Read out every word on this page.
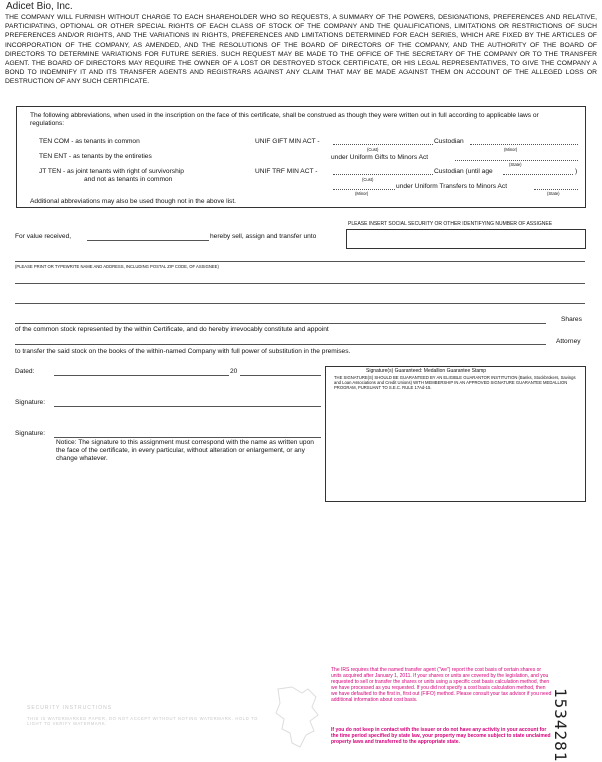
Adicet Bio, Inc.
THE COMPANY WILL FURNISH WITHOUT CHARGE TO EACH SHAREHOLDER WHO SO REQUESTS, A SUMMARY OF THE POWERS, DESIGNATIONS, PREFERENCES AND RELATIVE, PARTICIPATING, OPTIONAL OR OTHER SPECIAL RIGHTS OF EACH CLASS OF STOCK OF THE COMPANY AND THE QUALIFICATIONS, LIMITATIONS OR RESTRICTIONS OF SUCH PREFERENCES AND/OR RIGHTS, AND THE VARIATIONS IN RIGHTS, PREFERENCES AND LIMITATIONS DETERMINED FOR EACH SERIES, WHICH ARE FIXED BY THE ARTICLES OF INCORPORATION OF THE COMPANY, AS AMENDED, AND THE RESOLUTIONS OF THE BOARD OF DIRECTORS OF THE COMPANY, AND THE AUTHORITY OF THE BOARD OF DIRECTORS TO DETERMINE VARIATIONS FOR FUTURE SERIES. SUCH REQUEST MAY BE MADE TO THE OFFICE OF THE SECRETARY OF THE COMPANY OR TO THE TRANSFER AGENT. THE BOARD OF DIRECTORS MAY REQUIRE THE OWNER OF A LOST OR DESTROYED STOCK CERTIFICATE, OR HIS LEGAL REPRESENTATIVES, TO GIVE THE COMPANY A BOND TO INDEMNIFY IT AND ITS TRANSFER AGENTS AND REGISTRARS AGAINST ANY CLAIM THAT MAY BE MADE AGAINST THEM ON ACCOUNT OF THE ALLEGED LOSS OR DESTRUCTION OF ANY SUCH CERTIFICATE.
The following abbreviations, when used in the inscription on the face of this certificate, shall be construed as though they were written out in full according to applicable laws or regulations:
TEN COM - as tenants in common
TEN ENT - as tenants by the entireties
JT TEN - as joint tenants with right of survivorship
and not as tenants in common
UNIF GIFT MIN ACT -	Custodian
(Cust)	(Minor)
under Uniform Gifts to Minors Act
(State)
UNIF TRF MIN ACT -	Custodian (until age	)
(Cust)
under Uniform Transfers to Minors Act
(Minor)	(State)
Additional abbreviations may also be used though not in the above list.
PLEASE INSERT SOCIAL SECURITY OR OTHER IDENTIFYING NUMBER OF ASSIGNEE
For value received,	hereby sell, assign and transfer unto
(PLEASE PRINT OR TYPEWRITE NAME AND ADDRESS, INCLUDING POSTAL ZIP CODE, OF ASSIGNEE)
Shares
of the common stock represented by the within Certificate, and do hereby irrevocably constitute and appoint
Attorney
to transfer the said stock on the books of the within-named Company with full power of substitution in the premises.
Dated:	20
Signature:
Signature:
Notice: The signature to this assignment must correspond with the name as written upon the face of the certificate, in every particular, without alteration or enlargement, or any change whatever.
Signature(s) Guaranteed: Medallion Guarantee Stamp
THE SIGNATURE(S) SHOULD BE GUARANTEED BY AN ELIGIBLE GUARANTOR INSTITUTION (Banks, Stockbrokers, Savings and Loan Associations and Credit Unions) WITH MEMBERSHIP IN AN APPROVED SIGNATURE GUARANTEE MEDALLION PROGRAM, PURSUANT TO S.E.C. RULE 17Ad-15.
SECURITY INSTRUCTIONS
THIS IS WATERMARKED PAPER, DO NOT ACCEPT WITHOUT NOTING WATERMARK. HOLD TO LIGHT TO VERIFY WATERMARK.
The IRS requires that the named transfer agent ("we") report the cost basis of certain shares or units acquired after January 1, 2011. If your shares or units are covered by the legislation, and you requested to sell or transfer the shares or units using a specific cost basis calculation method, then we have processed as you requested. If you did not specify a cost basis calculation method, then we have defaulted to the first in, first out (FIFO) method. Please consult your tax advisor if you need additional information about cost basis.
If you do not keep in contact with the issuer or do not have any activity in your account for the time period specified by state law, your property may become subject to state unclaimed property laws and transferred to the appropriate state.	1534281
